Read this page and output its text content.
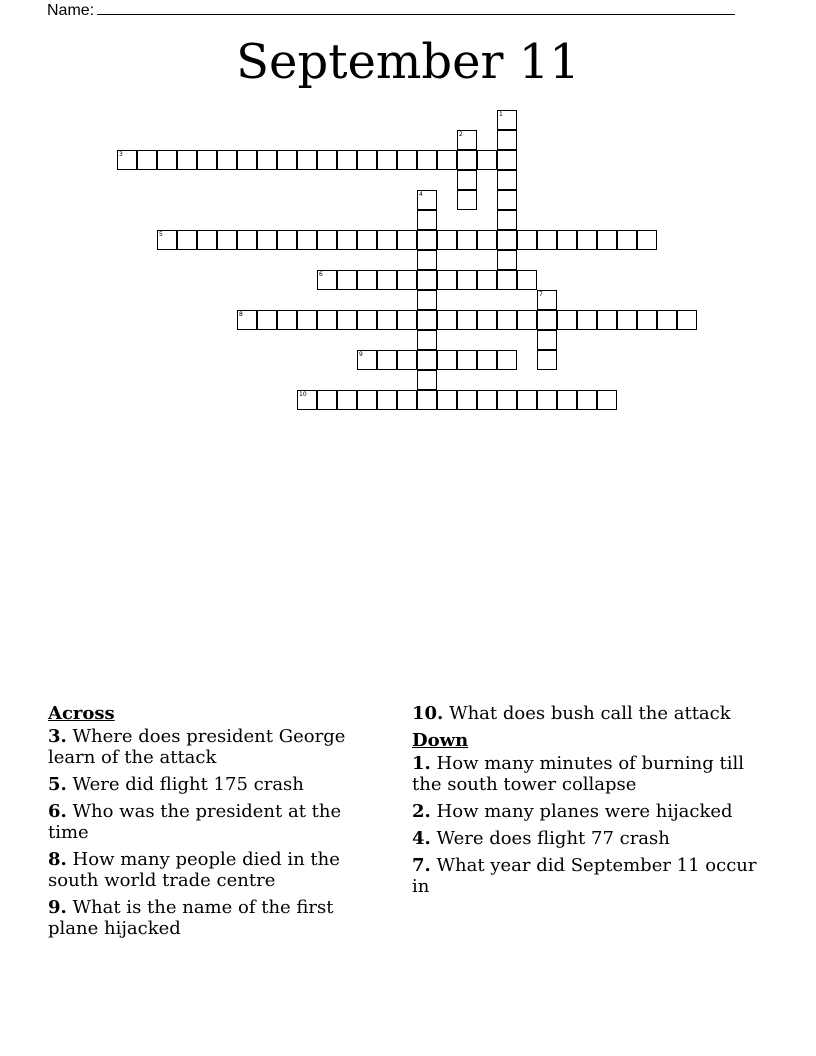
Name:
September 11
1
2
3
4
5
6
7
8
9
10
Across
3. Where does president George learn of the attack
5. Were did flight 175 crash
6. Who was the president at the time
8. How many people died in the south world trade centre
9. What is the name of the first plane hijacked
10. What does bush call the attack
Down
1. How many minutes of burning till the south tower collapse
2. How many planes were hijacked
4. Were does flight 77 crash
7. What year did September 11 occur in
